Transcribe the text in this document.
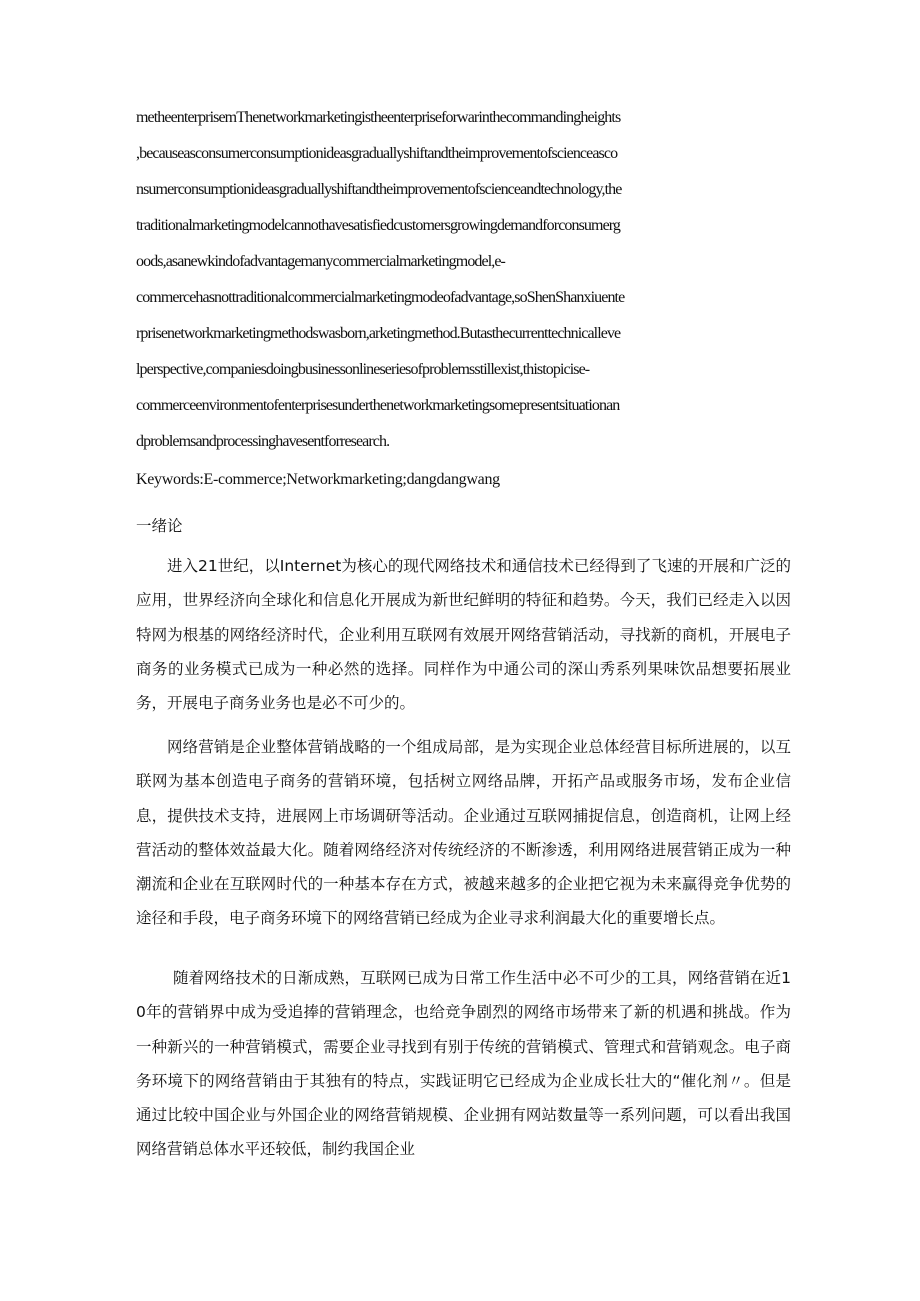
metheenterprisemThenetworkmarketingistheenterpriseforwarinthecommandingheights
,becauseasconsumerconsumptionideasgraduallyshiftandtheimprovementofscienceasco
nsumerconsumptionideasgraduallyshiftandtheimprovementofscienceandtechnology,the
traditionalmarketingmodelcannothavesatisfiedcustomersgrowingdemandforconsumerg
oods,asanewkindofadvantagemanycommercialmarketingmodel,e-
commercehasnottraditionalcommercialmarketingmodeofadvantage,soShenShanxiuente
rprisenetworkmarketingmethodswasborn,arketingmethod.Butasthecurrenttechnicalleve
lperspective,companiesdoingbusinessonlineseriesofproblemsstillexist,thistopicise-
commerceenvironmentofenterprisesunderthenetworkmarketingsomepresentsituationan
dproblemsandprocessinghavesentforresearch.
Keywords:E-commerce;Networkmarketing;dangdangwang
一绪论

进入21世纪，以Internet为核心的现代网络技术和通信技术已经得到了飞速的开展和广泛的应用，世界经济向全球化和信息化开展成为新世纪鲜明的特征和趋势。今天，我们已经走入以因特网为根基的网络经济时代，企业利用互联网有效展开网络营销活动，寻找新的商机，开展电子商务的业务模式已成为一种必然的选择。同样作为中通公司的深山秀系列果味饮品想要拓展业务，开展电子商务业务也是必不可少的。

网络营销是企业整体营销战略的一个组成局部，是为实现企业总体经营目标所进展的，以互联网为基本创造电子商务的营销环境，包括树立网络品牌，开拓产品或服务市场，发布企业信息，提供技术支持，进展网上市场调研等活动。企业通过互联网捕捉信息，创造商机，让网上经营活动的整体效益最大化。随着网络经济对传统经济的不断渗透，利用网络进展营销正成为一种潮流和企业在互联网时代的一种基本存在方式，被越来越多的企业把它视为未来赢得竞争优势的途径和手段，电子商务环境下的网络营销已经成为企业寻求利润最大化的重要增长点。

随着网络技术的日渐成熟，互联网已成为日常工作生活中必不可少的工具，网络营销在近10年的营销界中成为受追捧的营销理念，也给竞争剧烈的网络市场带来了新的机遇和挑战。作为一种新兴的一种营销模式，需要企业寻找到有别于传统的营销模式、管理式和营销观念。电子商务环境下的网络营销由于其独有的特点，实践证明它已经成为企业成长壮大的“催化剂〃。但是通过比较中国企业与外国企业的网络营销规模、企业拥有网站数量等一系列问题，可以看出我国网络营销总体水平还较低，制约我国企业
